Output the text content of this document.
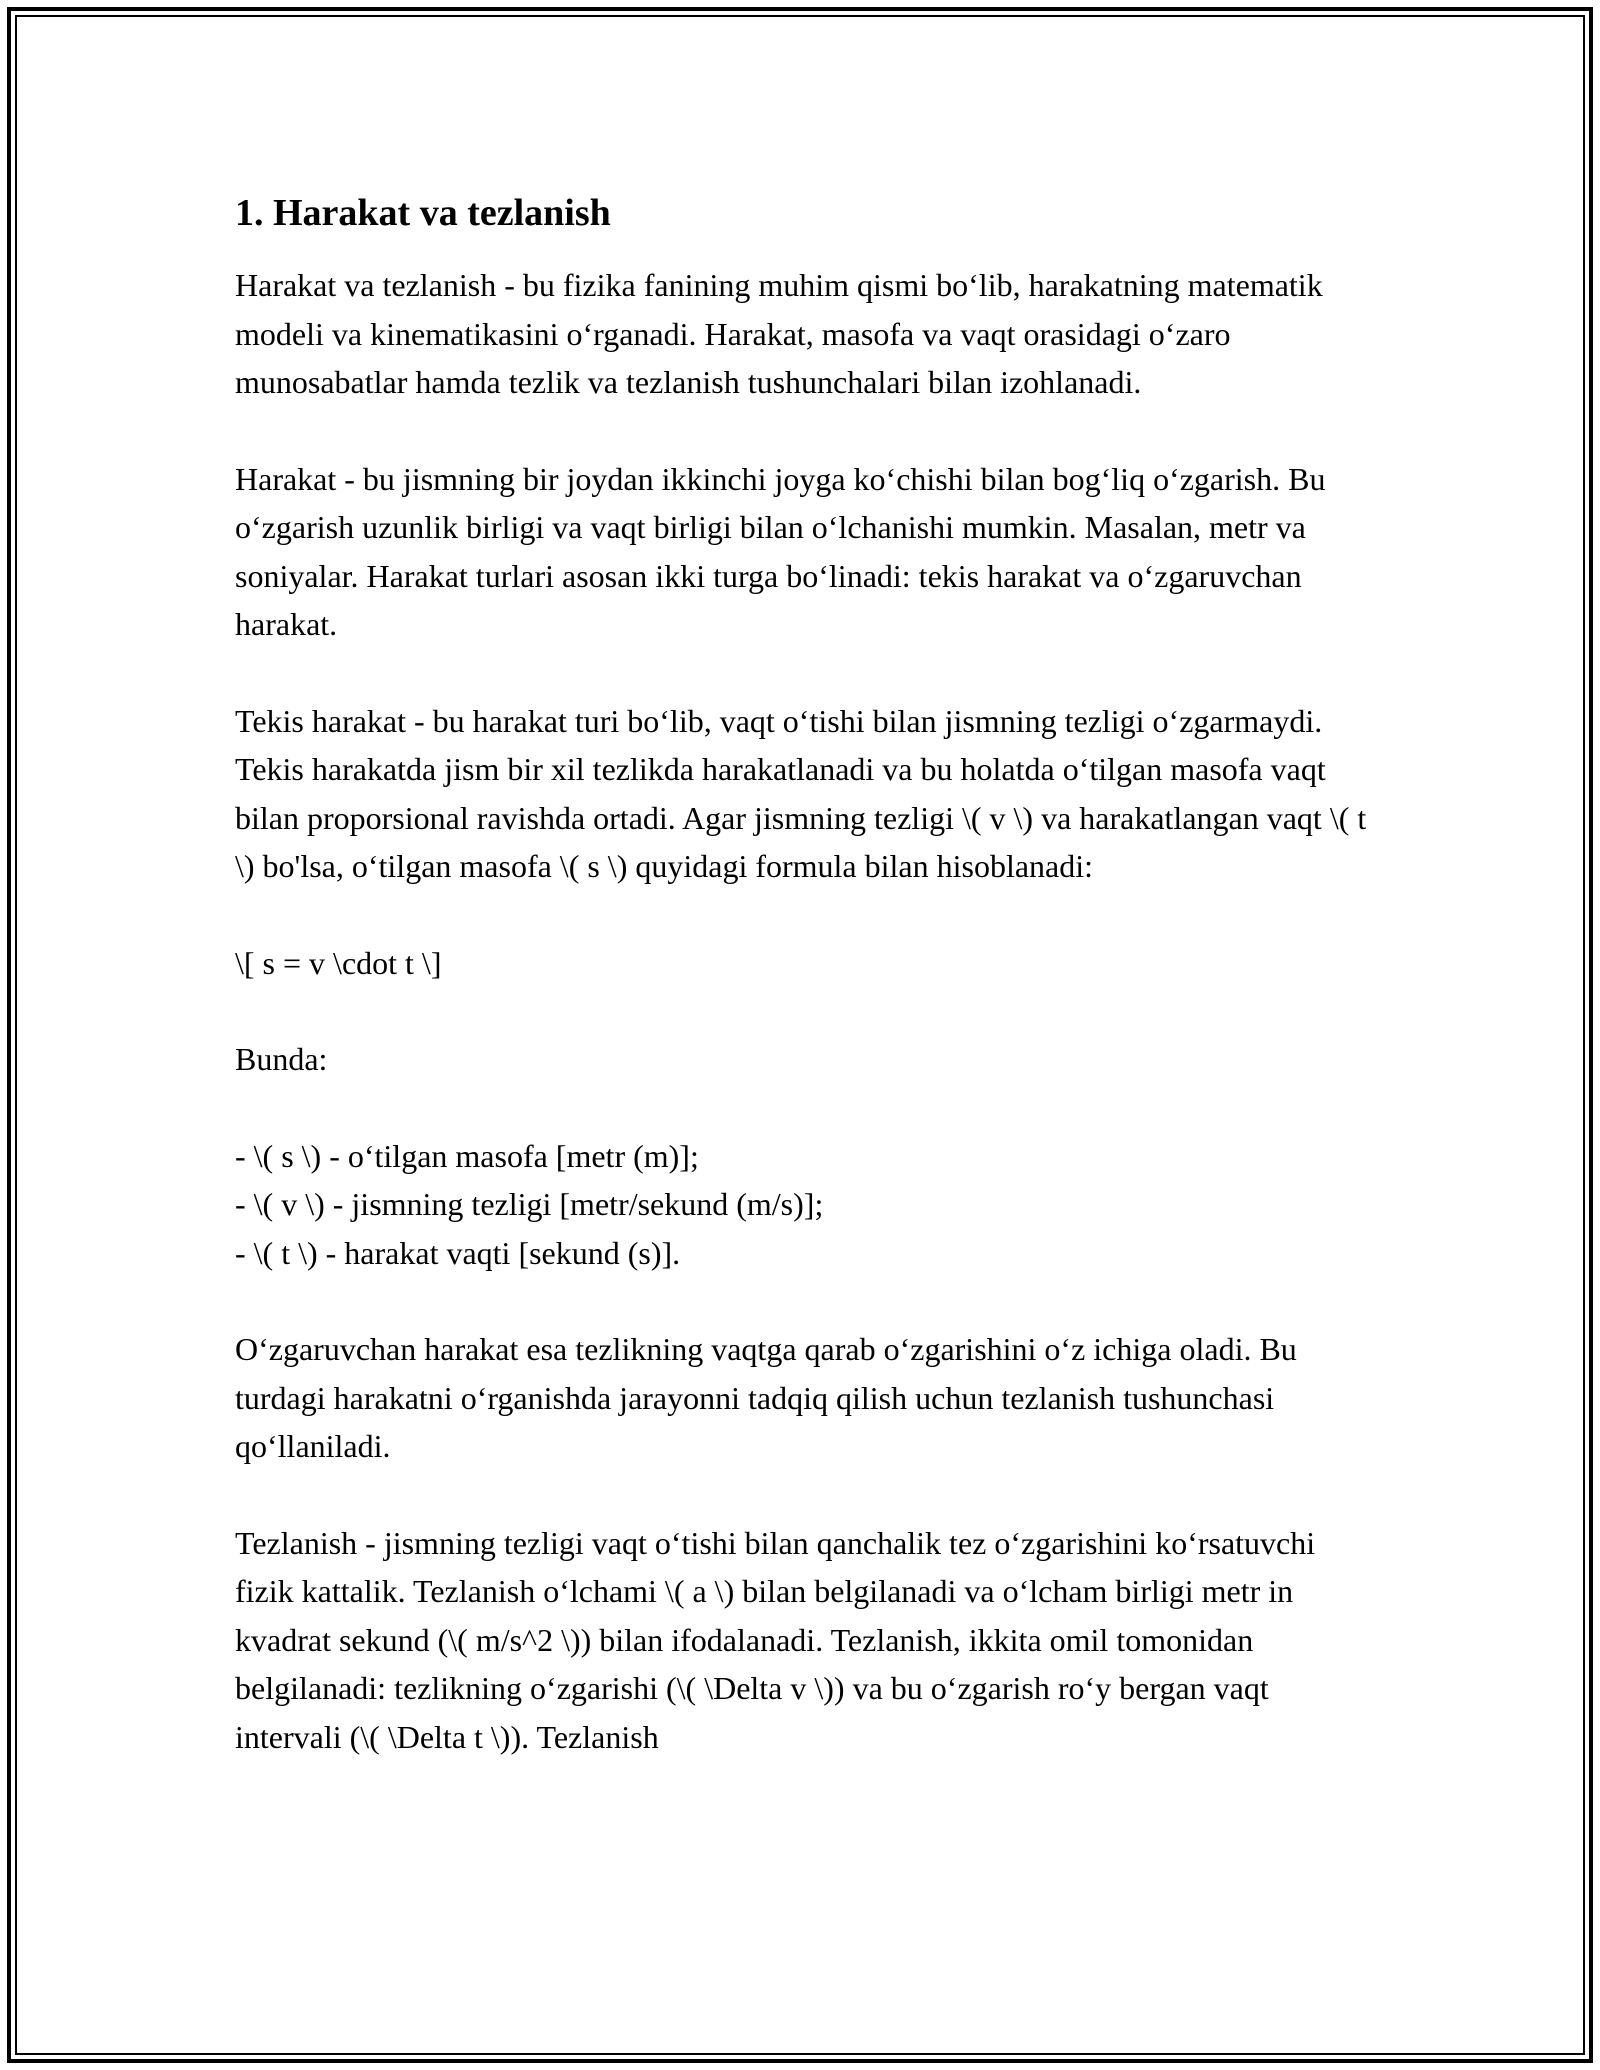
1. Harakat va tezlanish

Harakat va tezlanish - bu fizika fanining muhim qismi bo‘lib, harakatning matematik modeli va kinematikasini o‘rganadi. Harakat, masofa va vaqt orasidagi o‘zaro munosabatlar hamda tezlik va tezlanish tushunchalari bilan izohlanadi.

Harakat - bu jismning bir joydan ikkinchi joyga ko‘chishi bilan bog‘liq o‘zgarish. Bu o‘zgarish uzunlik birligi va vaqt birligi bilan o‘lchanishi mumkin. Masalan, metr va soniyalar. Harakat turlari asosan ikki turga bo‘linadi: tekis harakat va o‘zgaruvchan harakat.

Tekis harakat - bu harakat turi bo‘lib, vaqt o‘tishi bilan jismning tezligi o‘zgarmaydi. Tekis harakatda jism bir xil tezlikda harakatlanadi va bu holatda o‘tilgan masofa vaqt bilan proporsional ravishda ortadi. Agar jismning tezligi \( v \) va harakatlangan vaqt \( t \) bo'lsa, o‘tilgan masofa \( s \) quyidagi formula bilan hisoblanadi:

\[ s = v \cdot t \]

Bunda:

- \( s \) - o‘tilgan masofa [metr (m)];

- \( v \) - jismning tezligi [metr/sekund (m/s)];

- \( t \) - harakat vaqti [sekund (s)].

O‘zgaruvchan harakat esa tezlikning vaqtga qarab o‘zgarishini o‘z ichiga oladi. Bu turdagi harakatni o‘rganishda jarayonni tadqiq qilish uchun tezlanish tushunchasi qo‘llaniladi.

Tezlanish - jismning tezligi vaqt o‘tishi bilan qanchalik tez o‘zgarishini ko‘rsatuvchi fizik kattalik. Tezlanish o‘lchami \( a \) bilan belgilanadi va o‘lcham birligi metr in kvadrat sekund (\( m/s^2 \)) bilan ifodalanadi. Tezlanish, ikkita omil tomonidan belgilanadi: tezlikning o‘zgarishi (\( \Delta v \)) va bu o‘zgarish ro‘y bergan vaqt intervali (\( \Delta t \)). Tezlanish
